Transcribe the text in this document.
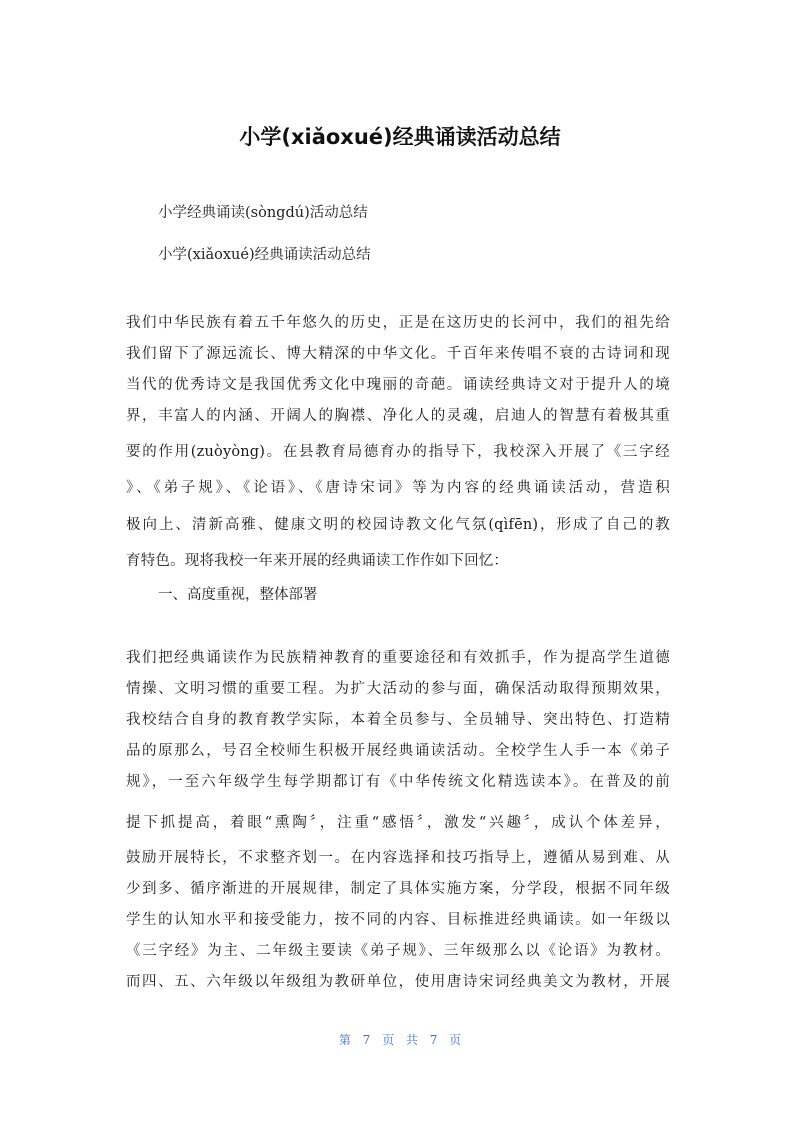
小学(xiǎoxué)经典诵读活动总结
小学经典诵读(sòngdú)活动总结
小学(xiǎoxué)经典诵读活动总结
我们中华民族有着五千年悠久的历史，正是在这历史的长河中，我们的祖先给
我们留下了源远流长、博大精深的中华文化。千百年来传唱不衰的古诗词和现
当代的优秀诗文是我国优秀文化中瑰丽的奇葩。诵读经典诗文对于提升人的境
界，丰富人的内涵、开阔人的胸襟、净化人的灵魂，启迪人的智慧有着极其重
要的作用(zuòyòng)。在县教育局德育办的指导下，我校深入开展了《三字经
》、《弟子规》、《论语》、《唐诗宋词》等为内容的经典诵读活动，营造积
极向上、清新高雅、健康文明的校园诗教文化气氛(qìfēn)，形成了自己的教
育特色。现将我校一年来开展的经典诵读工作作如下回忆：
一、高度重视，整体部署
我们把经典诵读作为民族精神教育的重要途径和有效抓手，作为提高学生道德
情操、文明习惯的重要工程。为扩大活动的参与面，确保活动取得预期效果，
我校结合自身的教育教学实际，本着全员参与、全员辅导、突出特色、打造精
品的原那么，号召全校师生积极开展经典诵读活动。全校学生人手一本《弟子
规》，一至六年级学生每学期都订有《中华传统文化精选读本》。在普及的前
提下抓提高，着眼“熏陶〞，注重“感悟〞，激发“兴趣〞，成认个体差异，
鼓励开展特长，不求整齐划一。在内容选择和技巧指导上，遵循从易到难、从
少到多、循序渐进的开展规律，制定了具体实施方案，分学段，根据不同年级
学生的认知水平和接受能力，按不同的内容、目标推进经典诵读。如一年级以
《三字经》为主、二年级主要读《弟子规》、三年级那么以《论语》为教材。
而四、五、六年级以年级组为教研单位，使用唐诗宋词经典美文为教材，开展
第 7 页 共 7 页
